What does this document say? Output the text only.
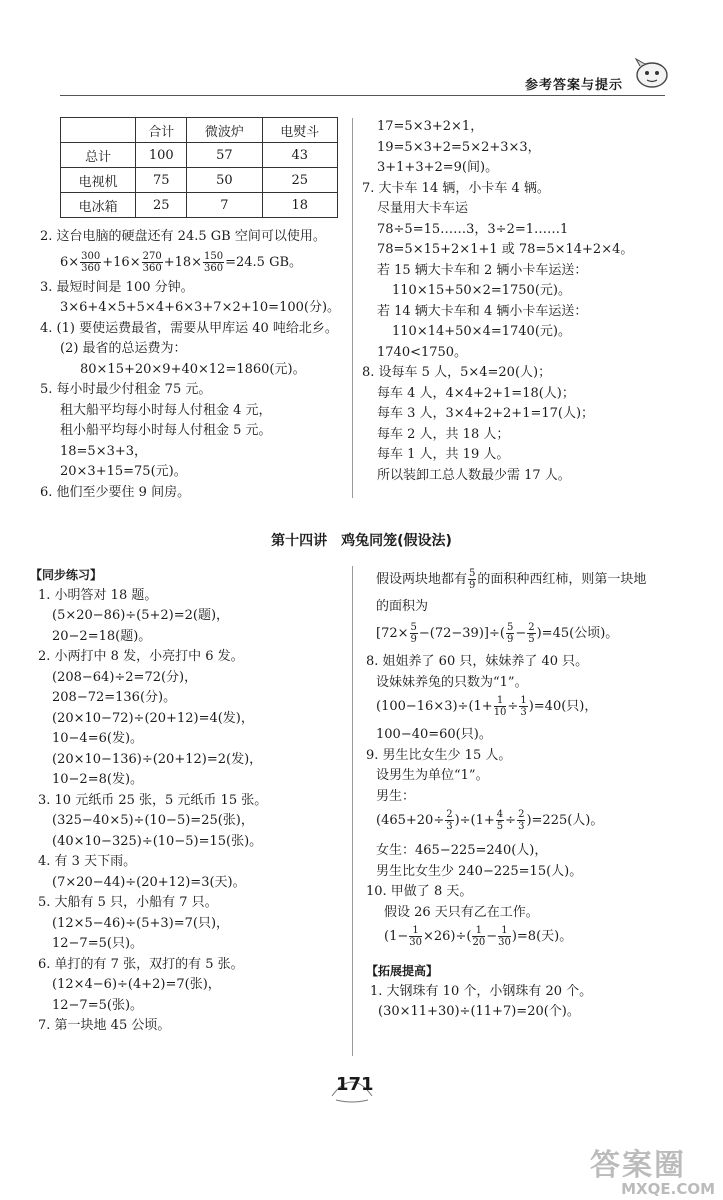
参考答案与提示
	合计	微波炉	电熨斗
总计	100	57	43
电视机	75	50	25
电冰箱	25	7	18
2. 这台电脑的硬盘还有 24.5 GB 空间可以使用。
$6\times \frac{300}{360} +16\times \frac{270}{360} +18\times \frac{150}{360} =24.5$ GB。
3. 最短时间是 100 分钟。
3×6+4×5+5×4+6×3+7×2+10=100(分)。
4. (1) 要使运费最省，需要从甲库运 40 吨给北乡。
(2) 最省的总运费为：
80×15+20×9+40×12=1860(元)。
5. 每小时最少付租金 75 元。
租大船平均每小时每人付租金 4 元，
租小船平均每小时每人付租金 5 元。
18=5×3+3，
20×3+15=75(元)。
6. 他们至少要住 9 间房。
17=5×3+2×1，
19=5×3+2=5×2+3×3，
3+1+3+2=9(间)。
7. 大卡车 14 辆，小卡车 4 辆。
尽量用大卡车运
78÷5=15……3，3÷2=1……1
78=5×15+2×1+1 或 78=5×14+2×4。
若 15 辆大卡车和 2 辆小卡车运送：
110×15+50×2=1750(元)。
若 14 辆大卡车和 4 辆小卡车运送：
110×14+50×4=1740(元)。
1740<1750。
8. 设每车 5 人，5×4=20(人)；
每车 4 人，4×4+2+1=18(人)；
每车 3 人，3×4+2+2+1=17(人)；
每车 2 人，共 18 人；
每车 1 人，共 19 人。
所以装卸工总人数最少需 17 人。
第十四讲　鸡兔同笼(假设法)
【同步练习】
1. 小明答对 18 题。
(5×20−86)÷(5+2)=2(题)，
20−2=18(题)。
2. 小两打中 8 发，小亮打中 6 发。
(208−64)÷2=72(分)，
208−72=136(分)。
(20×10−72)÷(20+12)=4(发)，
10−4=6(发)。
(20×10−136)÷(20+12)=2(发)，
10−2=8(发)。
3. 10 元纸币 25 张，5 元纸币 15 张。
(325−40×5)÷(10−5)=25(张)，
(40×10−325)÷(10−5)=15(张)。
4. 有 3 天下雨。
(7×20−44)÷(20+12)=3(天)。
5. 大船有 5 只，小船有 7 只。
(12×5−46)÷(5+3)=7(只)，
12−7=5(只)。
6. 单打的有 7 张，双打的有 5 张。
(12×4−6)÷(4+2)=7(张)，
12−7=5(张)。
7. 第一块地 45 公顷。
假设两块地都有 $\frac{5}{9}$ 的面积种西红柿，则第一块地
的面积为
$[72\times \frac{5}{9} -(72-39)]\div( \frac{5}{9} - \frac{2}{5} )=45$(公顷)。
8. 姐姐养了 60 只，妹妹养了 40 只。
设妹妹养兔的只数为“1”。
$(100-16\times 3)\div(1+ \frac{1}{10} \div \frac{1}{3} )=40$(只)，
100−40=60(只)。
9. 男生比女生少 15 人。
设男生为单位“1”。
男生：
$(465+20\div \frac{2}{3} )\div(1+ \frac{4}{5} \div \frac{2}{3} )=225$(人)。
女生：465−225=240(人)，
男生比女生少 240−225=15(人)。
10. 甲做了 8 天。
假设 26 天只有乙在工作。
$(1- \frac{1}{30} \times 26)\div( \frac{1}{20} - \frac{1}{30} )=8$(天)。
【拓展提高】
1. 大钢珠有 10 个，小钢珠有 20 个。
(30×11+30)÷(11+7)=20(个)。
171
答案圈
MXQE.COM
